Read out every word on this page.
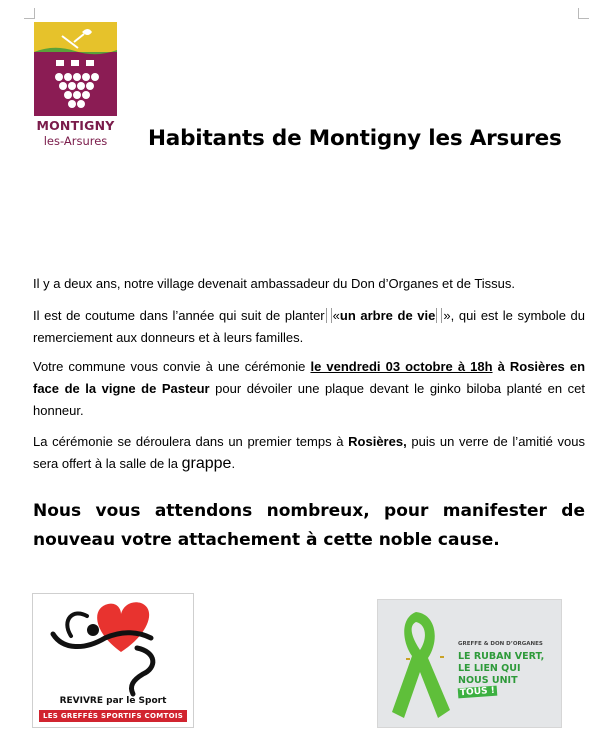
MONTIGNY
les-Arsures	Habitants de Montigny les Arsures
Il y a deux ans, notre village devenait ambassadeur du Don d’Organes et de Tissus.
Il est de coutume dans l’année qui suit de planter «un arbre de vie », qui est le symbole du remerciement aux donneurs et à leurs familles.
Votre commune vous convie à une cérémonie le vendredi 03 octobre à 18h à Rosières en face de la vigne de Pasteur pour dévoiler une plaque devant le ginko biloba planté en cet honneur.
La cérémonie se déroulera dans un premier temps à Rosières, puis un verre de l’amitié vous sera offert à la salle de la grappe.
Nous vous attendons nombreux, pour manifester de nouveau votre attachement à cette noble cause.
REVIVRE par le Sport
LES GREFFÉS SPORTIFS COMTOIS
GREFFE & DON D’ORGANES
LE RUBAN VERT,
LE LIEN QUI
NOUS UNIT TOUS !
